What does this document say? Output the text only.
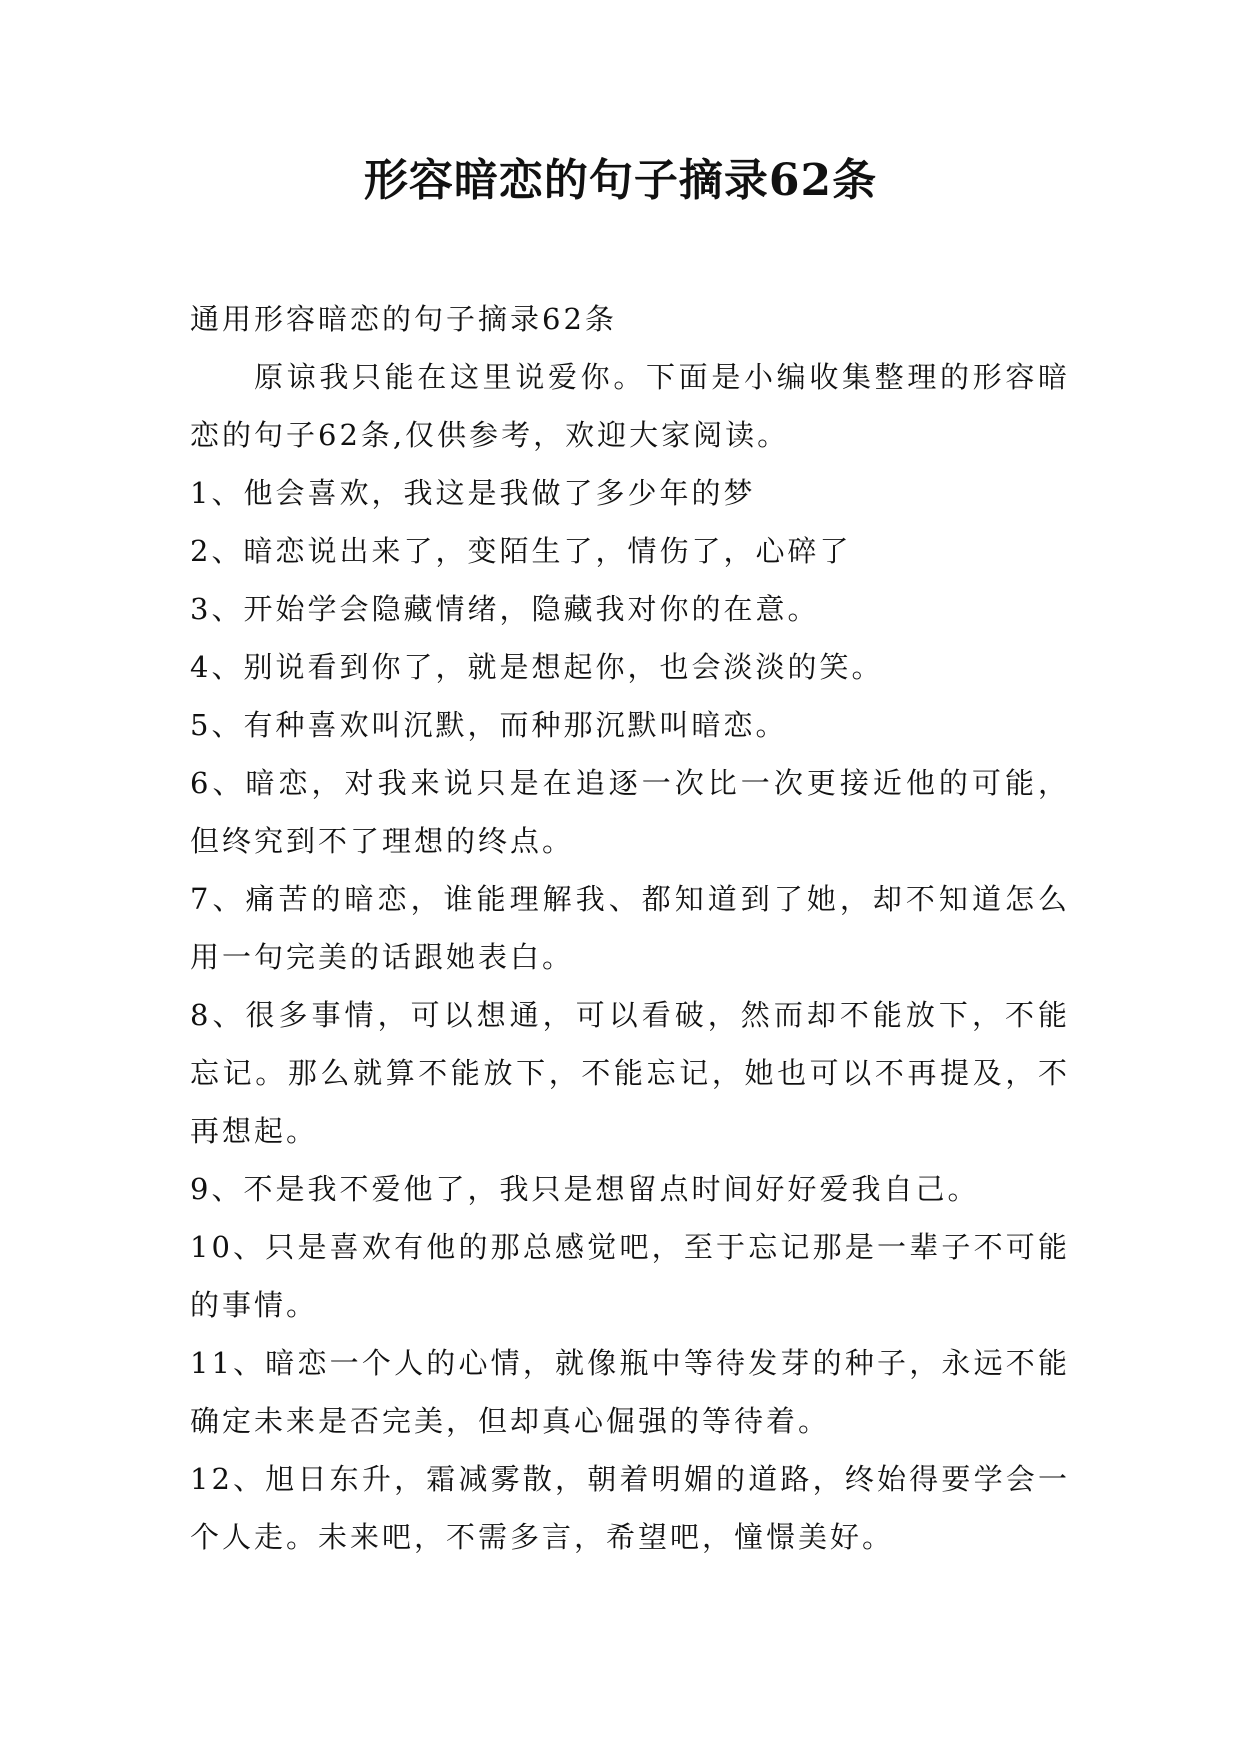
形容暗恋的句子摘录62条

通用形容暗恋的句子摘录62条

原谅我只能在这里说爱你。下面是小编收集整理的形容暗恋的句子62条,仅供参考，欢迎大家阅读。

1、他会喜欢，我这是我做了多少年的梦

2、暗恋说出来了，变陌生了，情伤了，心碎了

3、开始学会隐藏情绪，隐藏我对你的在意。

4、别说看到你了，就是想起你，也会淡淡的笑。

5、有种喜欢叫沉默，而种那沉默叫暗恋。

6、暗恋，对我来说只是在追逐一次比一次更接近他的可能，但终究到不了理想的终点。

7、痛苦的暗恋，谁能理解我、都知道到了她，却不知道怎么用一句完美的话跟她表白。

8、很多事情，可以想通，可以看破，然而却不能放下，不能忘记。那么就算不能放下，不能忘记，她也可以不再提及，不再想起。

9、不是我不爱他了，我只是想留点时间好好爱我自己。

10、只是喜欢有他的那总感觉吧，至于忘记那是一辈子不可能的事情。

11、暗恋一个人的心情，就像瓶中等待发芽的种子，永远不能确定未来是否完美，但却真心倔强的等待着。

12、旭日东升，霜减雾散，朝着明媚的道路，终始得要学会一个人走。未来吧，不需多言，希望吧，憧憬美好。
